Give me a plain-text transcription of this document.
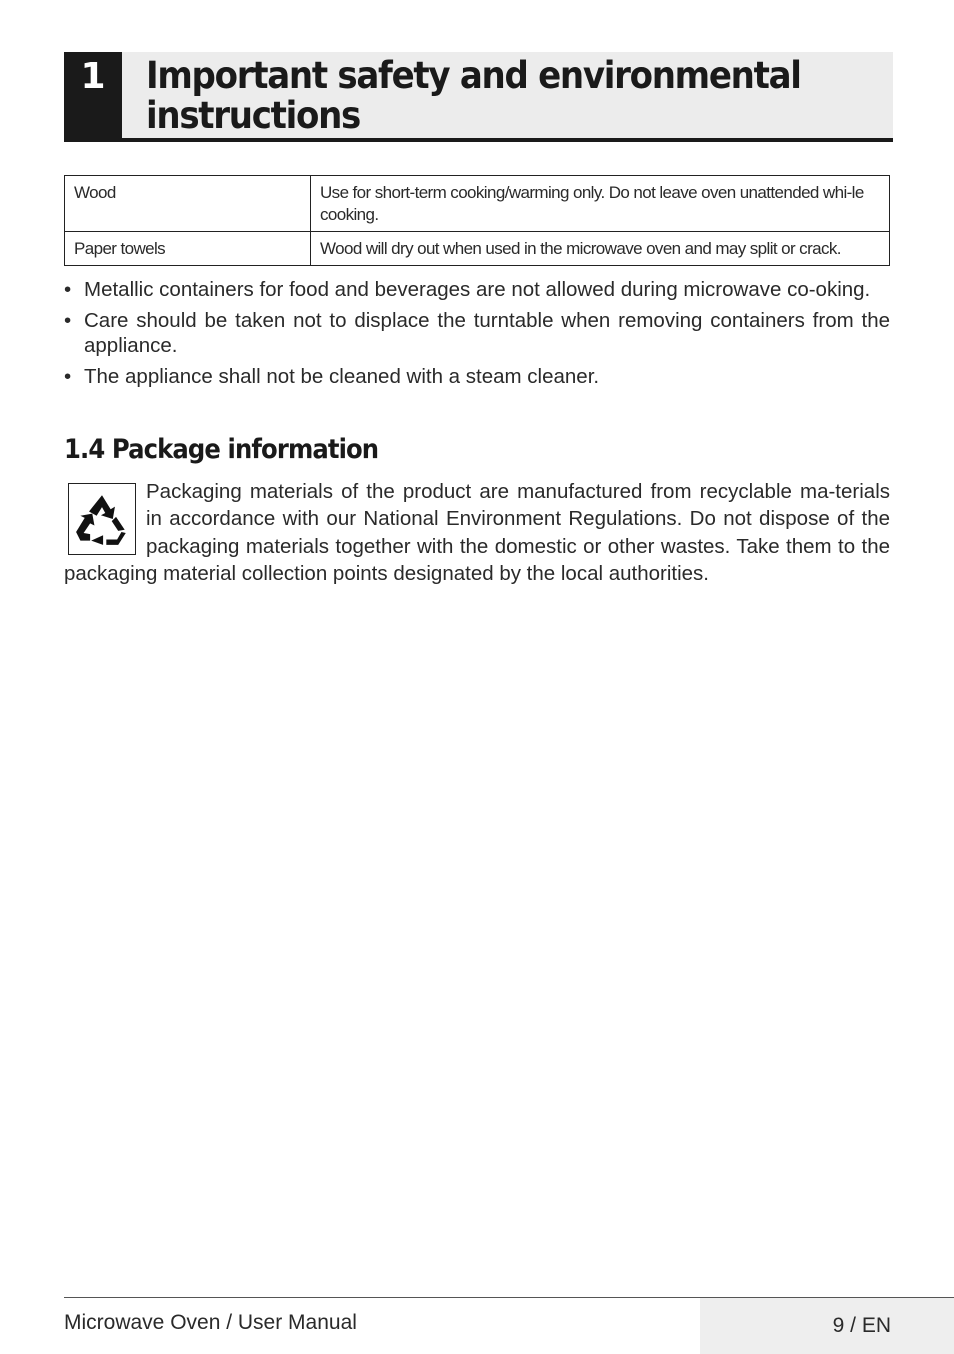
1	Important safety and environmental instructions
Wood	Use for short-term cooking/warming only. Do not leave oven unattended whi-le cooking.
Paper towels	Wood will dry out when used in the microwave oven and may split or crack.
• Metallic containers for food and beverages are not allowed during microwave co-oking.
• Care should be taken not to displace the turntable when removing containers from the appliance.
• The appliance shall not be cleaned with a steam cleaner.
1.4 Package information
Packaging materials of the product are manufactured from recyclable ma-terials in accordance with our National Environment Regulations. Do not dispose of the packaging materials together with the domestic or other wastes. Take them to the packaging material collection points designated by the local authorities.
Microwave Oven / User Manual	9 / EN
